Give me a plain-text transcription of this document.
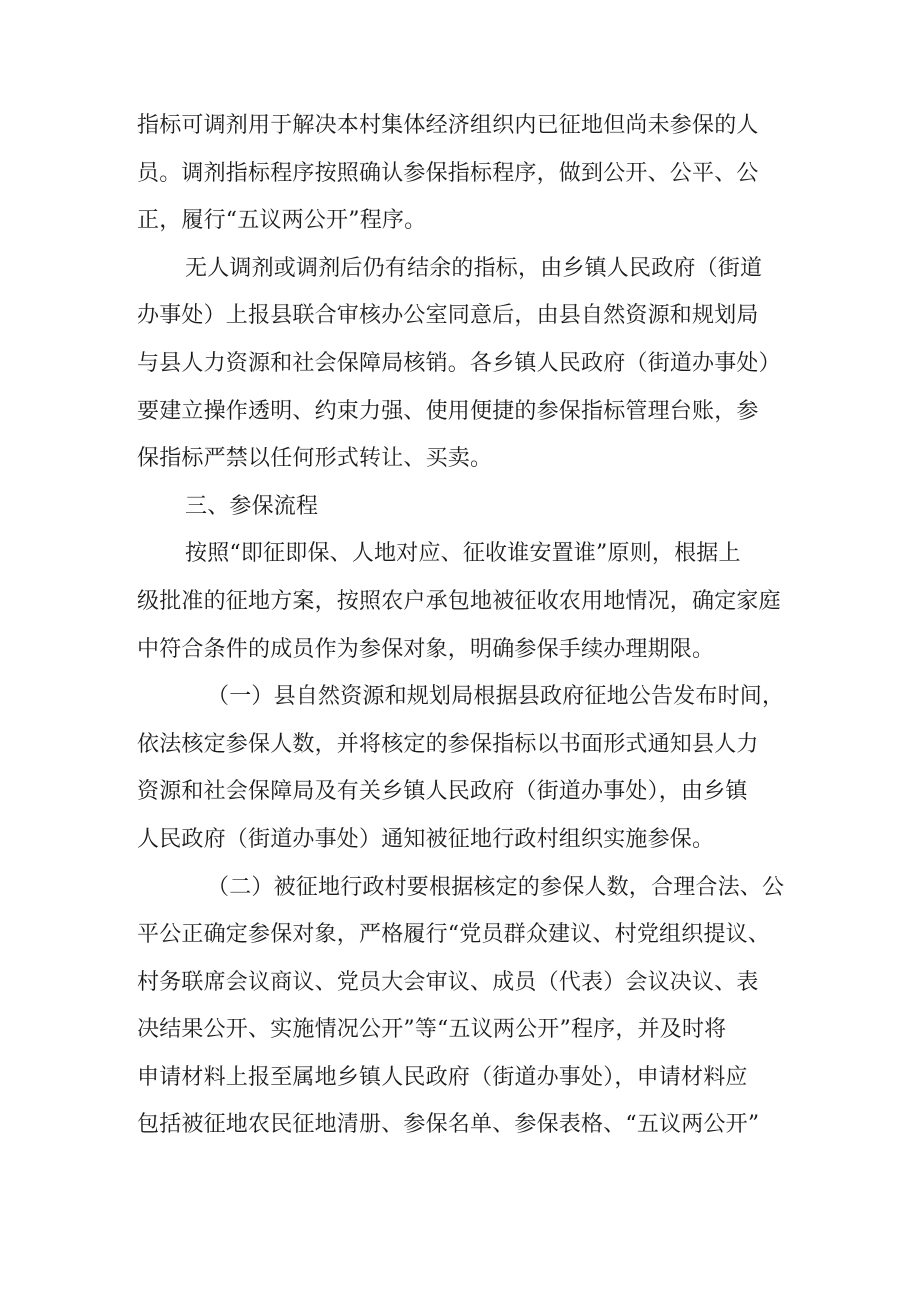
指标可调剂用于解决本村集体经济组织内已征地但尚未参保的人
员。调剂指标程序按照确认参保指标程序，做到公开、公平、公
正，履行“五议两公开”程序。
无人调剂或调剂后仍有结余的指标，由乡镇人民政府（街道
办事处）上报县联合审核办公室同意后，由县自然资源和规划局
与县人力资源和社会保障局核销。各乡镇人民政府（街道办事处）
要建立操作透明、约束力强、使用便捷的参保指标管理台账，参
保指标严禁以任何形式转让、买卖。
三、参保流程
按照“即征即保、人地对应、征收谁安置谁”原则，根据上
级批准的征地方案，按照农户承包地被征收农用地情况，确定家庭
中符合条件的成员作为参保对象，明确参保手续办理期限。
（一）县自然资源和规划局根据县政府征地公告发布时间，
依法核定参保人数，并将核定的参保指标以书面形式通知县人力
资源和社会保障局及有关乡镇人民政府（街道办事处），由乡镇
人民政府（街道办事处）通知被征地行政村组织实施参保。
（二）被征地行政村要根据核定的参保人数，合理合法、公
平公正确定参保对象，严格履行“党员群众建议、村党组织提议、
村务联席会议商议、党员大会审议、成员（代表）会议决议、表
决结果公开、实施情况公开”等“五议两公开”程序，并及时将
申请材料上报至属地乡镇人民政府（街道办事处），申请材料应
包括被征地农民征地清册、参保名单、参保表格、“五议两公开”
